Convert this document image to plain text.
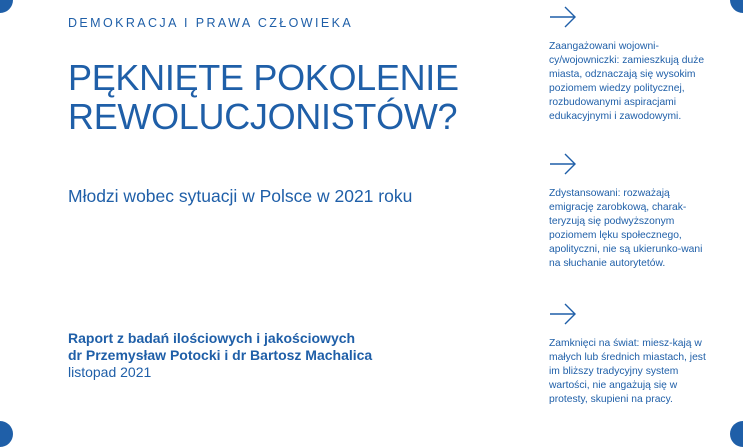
DEMOKRACJA I PRAWA CZŁOWIEKA
PĘKNIĘTE POKOLENIE
REWOLUCJONISTÓW?
Młodzi wobec sytuacji w Polsce w 2021 roku
Raport z badań ilościowych i jakościowych
dr Przemysław Potocki i dr Bartosz Machalica
listopad 2021
Zaangażowani wojowni-cy/wojowniczki: zamieszkują duże miasta, odznaczają się wysokim poziomem wiedzy politycznej, rozbudowanymi aspiracjami edukacyjnymi i zawodowymi.
Zdystansowani: rozważają emigrację zarobkową, charak-teryzują się podwyższonym poziomem lęku społecznego, apolityczni, nie są ukierunko-wani na słuchanie autorytetów.
Zamknięci na świat: miesz-kają w małych lub średnich miastach, jest im bliższy tradycyjny system wartości, nie angażują się w protesty, skupieni na pracy.
